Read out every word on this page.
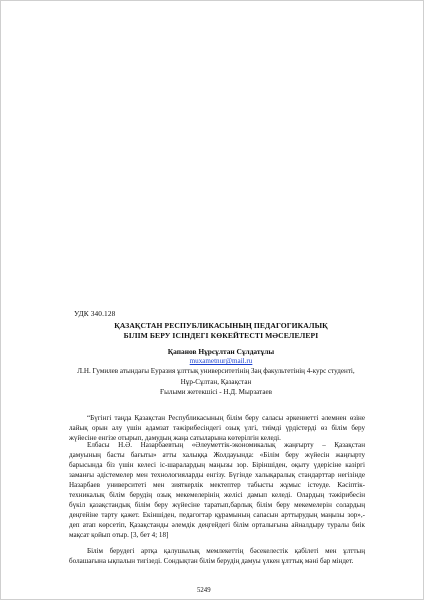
УДК 340.128
ҚАЗАҚСТАН РЕСПУБЛИКАСЫНЫҢ ПЕДАГОГИКАЛЫҚ
БІЛІМ БЕРУ ІСІНДЕГІ КӨКЕЙТЕСТІ МӘСЕЛЕЛЕРІ
Қапанов Нұрсұлтан Сұлдатұлы
muxametnur@mail.ru
Л.Н. Гумилев атындағы Еуразия ұлттық университетінің Заң факультетінің 4-курс студенті,
Нұр-Сұлтан, Қазақстан
Ғылыми жетекшісі - Н.Д. Мырзатаев
“Бүгінгі таңда Қазақстан Республикасының білім беру саласы әркениетті әлемнен өзіне
лайық орын алу үшін адамзат тәжірибесіндегі озық үлгі, тиімді үрдістерді өз білім беру
жүйесіне енгізе отырып, дамудың жаңа сатыларына көтерілгін келеді.
Елбасы Н.Ә. Назарбаевтың «Әлеуметтік-экономикалық жаңғырту – Қазақстан
дамуының басты бағыты» атты халыққа Жолдауында: «Білім беру жүйесін жаңғырту
барысында біз үшін келесі іс-шаралардың маңызы зор. Біріншіден, оқыту үдерісіне казіргі
заманғы әдістемелер мен технологияларды енгізу. Бүгінде халықаралық стандарттар негізінде
Назарбаев университеті мен зияткерлік мектептер табысты жұмыс істеуде. Кәсіптік-
техникалық білім берудің озық мекемелерінің желісі дамып келеді. Олардың тәжірибесін
бүкіл қазақстандық білім беру жүйесіне таратып,барлық білім беру мекемелерін солардың
деңгейіне тарту қажет. Екіншіден, педагогтар құрамының сапасын арттырудың маңызы зор»,-
деп атап көрсетіп, Қазақстанды әлемдік деңгейдегі білім орталығына айналдыру туралы биік
мақсат қойып отыр. [3, бет 4; 18]
Білім берудегі артқа қалушылық мемлекеттің бәсекелестік қабілеті мен ұлттың
болашағына ықпалын тигізеді. Сондықтан білім берудің дамуы үлкен ұлттық мәні бар міндет.
5249
